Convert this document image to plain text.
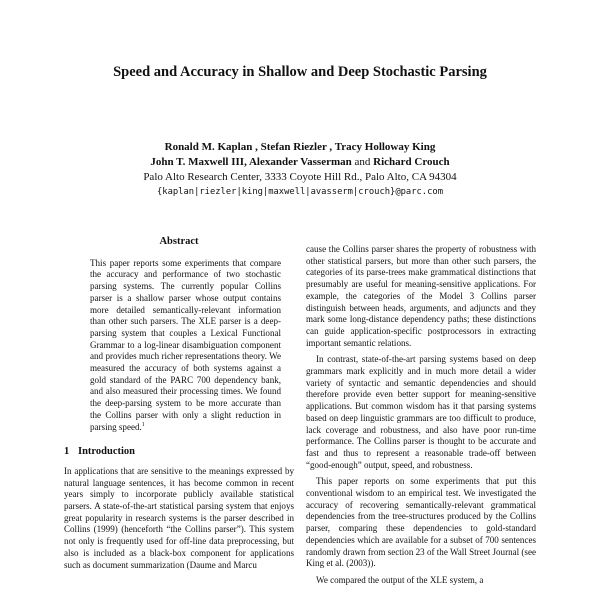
Speed and Accuracy in Shallow and Deep Stochastic Parsing
Ronald M. Kaplan , Stefan Riezler , Tracy Holloway King
John T. Maxwell III, Alexander Vasserman and Richard Crouch
Palo Alto Research Center, 3333 Coyote Hill Rd., Palo Alto, CA 94304
{kaplan|riezler|king|maxwell|avasserm|crouch}@parc.com
Abstract
This paper reports some experiments that compare the accuracy and performance of two stochastic parsing systems. The currently popular Collins parser is a shallow parser whose output contains more detailed semantically-relevant information than other such parsers. The XLE parser is a deep-parsing system that couples a Lexical Functional Grammar to a log-linear disambiguation component and provides much richer representations theory. We measured the accuracy of both systems against a gold standard of the PARC 700 dependency bank, and also measured their processing times. We found the deep-parsing system to be more accurate than the Collins parser with only a slight reduction in parsing speed.$^1$
1 Introduction

In applications that are sensitive to the meanings expressed by natural language sentences, it has become common in recent years simply to incorporate publicly available statistical parsers. A state-of-the-art statistical parsing system that enjoys great popularity in research systems is the parser described in Collins (1999) (henceforth “the Collins parser”). This system not only is frequently used for off-line data preprocessing, but also is included as a black-box component for applications such as document summarization (Daume and Marcu

cause the Collins parser shares the property of robustness with other statistical parsers, but more than other such parsers, the categories of its parse-trees make grammatical distinctions that presumably are useful for meaning-sensitive applications. For example, the categories of the Model 3 Collins parser distinguish between heads, arguments, and adjuncts and they mark some long-distance dependency paths; these distinctions can guide application-specific postprocessors in extracting important semantic relations.

In contrast, state-of-the-art parsing systems based on deep grammars mark explicitly and in much more detail a wider variety of syntactic and semantic dependencies and should therefore provide even better support for meaning-sensitive applications. But common wisdom has it that parsing systems based on deep linguistic grammars are too difficult to produce, lack coverage and robustness, and also have poor run-time performance. The Collins parser is thought to be accurate and fast and thus to represent a reasonable trade-off between “good-enough” output, speed, and robustness.

This paper reports on some experiments that put this conventional wisdom to an empirical test. We investigated the accuracy of recovering semantically-relevant grammatical dependencies from the tree-structures produced by the Collins parser, comparing these dependencies to gold-standard dependencies which are available for a subset of 700 sentences randomly drawn from section 23 of the Wall Street Journal (see King et al. (2003)).

We compared the output of the XLE system, a
